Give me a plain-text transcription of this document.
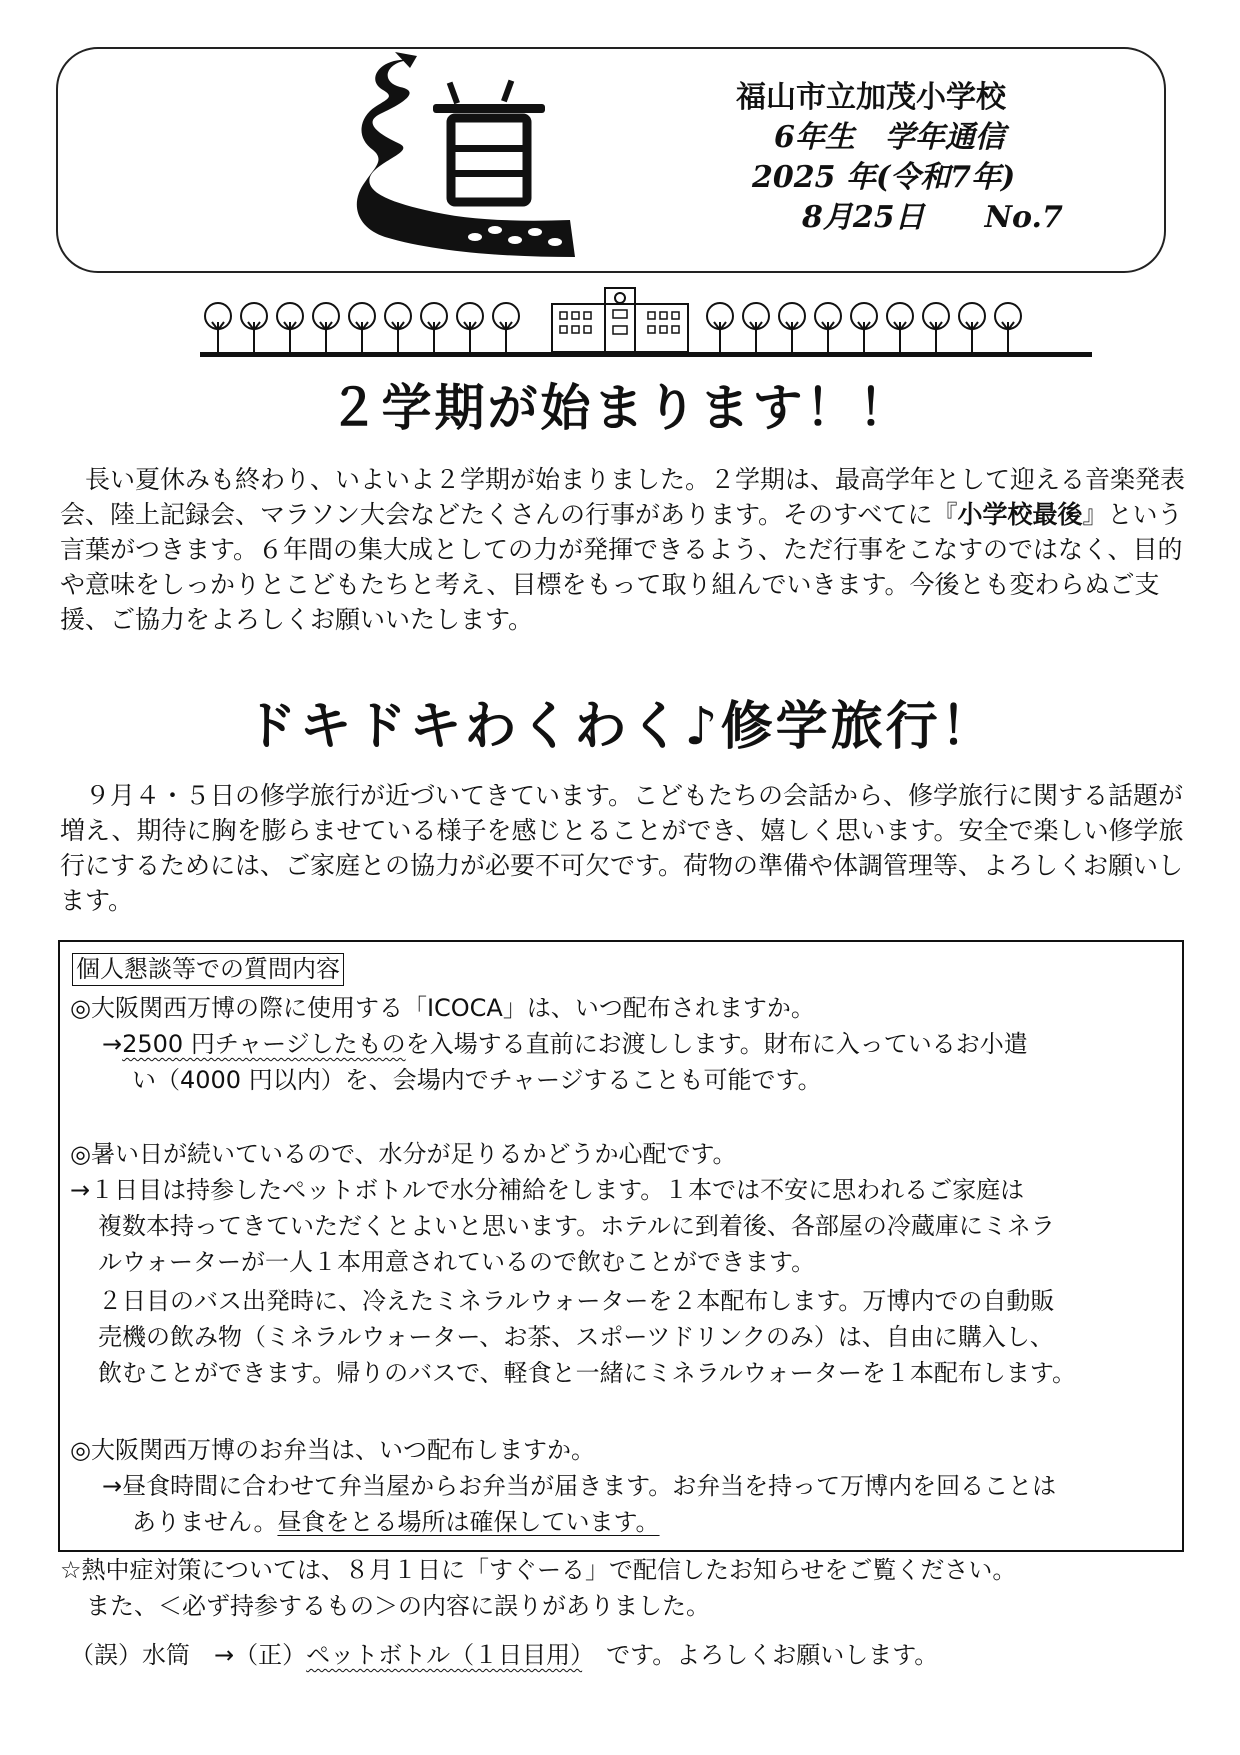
福山市立加茂小学校
6年生　学年通信
2025 年(令和7年)
8月25日 No.7
２学期が始まります！！

　長い夏休みも終わり、いよいよ２学期が始まりました。２学期は、最高学年として迎える音楽発表会、陸上記録会、マラソン大会などたくさんの行事があります。そのすべてに『小学校最後』という言葉がつきます。６年間の集大成としての力が発揮できるよう、ただ行事をこなすのではなく、目的や意味をしっかりとこどもたちと考え、目標をもって取り組んでいきます。今後とも変わらぬご支援、ご協力をよろしくお願いいたします。

ドキドキわくわく♪修学旅行！

　９月４・５日の修学旅行が近づいてきています。こどもたちの会話から、修学旅行に関する話題が増え、期待に胸を膨らませている様子を感じとることができ、嬉しく思います。安全で楽しい修学旅行にするためには、ご家庭との協力が必要不可欠です。荷物の準備や体調管理等、よろしくお願いします。

個人懇談等での質問内容
◎大阪関西万博の際に使用する「ICOCA」は、いつ配布されますか。
→2500 円チャージしたものを入場する直前にお渡しします。財布に入っているお小遣
い（4000 円以内）を、会場内でチャージすることも可能です。
◎暑い日が続いているので、水分が足りるかどうか心配です。
→１日目は持参したペットボトルで水分補給をします。１本では不安に思われるご家庭は
複数本持ってきていただくとよいと思います。ホテルに到着後、各部屋の冷蔵庫にミネラ
ルウォーターが一人１本用意されているので飲むことができます。
２日目のバス出発時に、冷えたミネラルウォーターを２本配布します。万博内での自動販
売機の飲み物（ミネラルウォーター、お茶、スポーツドリンクのみ）は、自由に購入し、
飲むことができます。帰りのバスで、軽食と一緒にミネラルウォーターを１本配布します。
◎大阪関西万博のお弁当は、いつ配布しますか。
→昼食時間に合わせて弁当屋からお弁当が届きます。お弁当を持って万博内を回ることは
ありません。昼食をとる場所は確保しています。
☆熱中症対策については、８月１日に「すぐーる」で配信したお知らせをご覧ください。
また、＜必ず持参するもの＞の内容に誤りがありました。
（誤）水筒　→（正）ペットボトル（１日目用）　です。よろしくお願いします。
